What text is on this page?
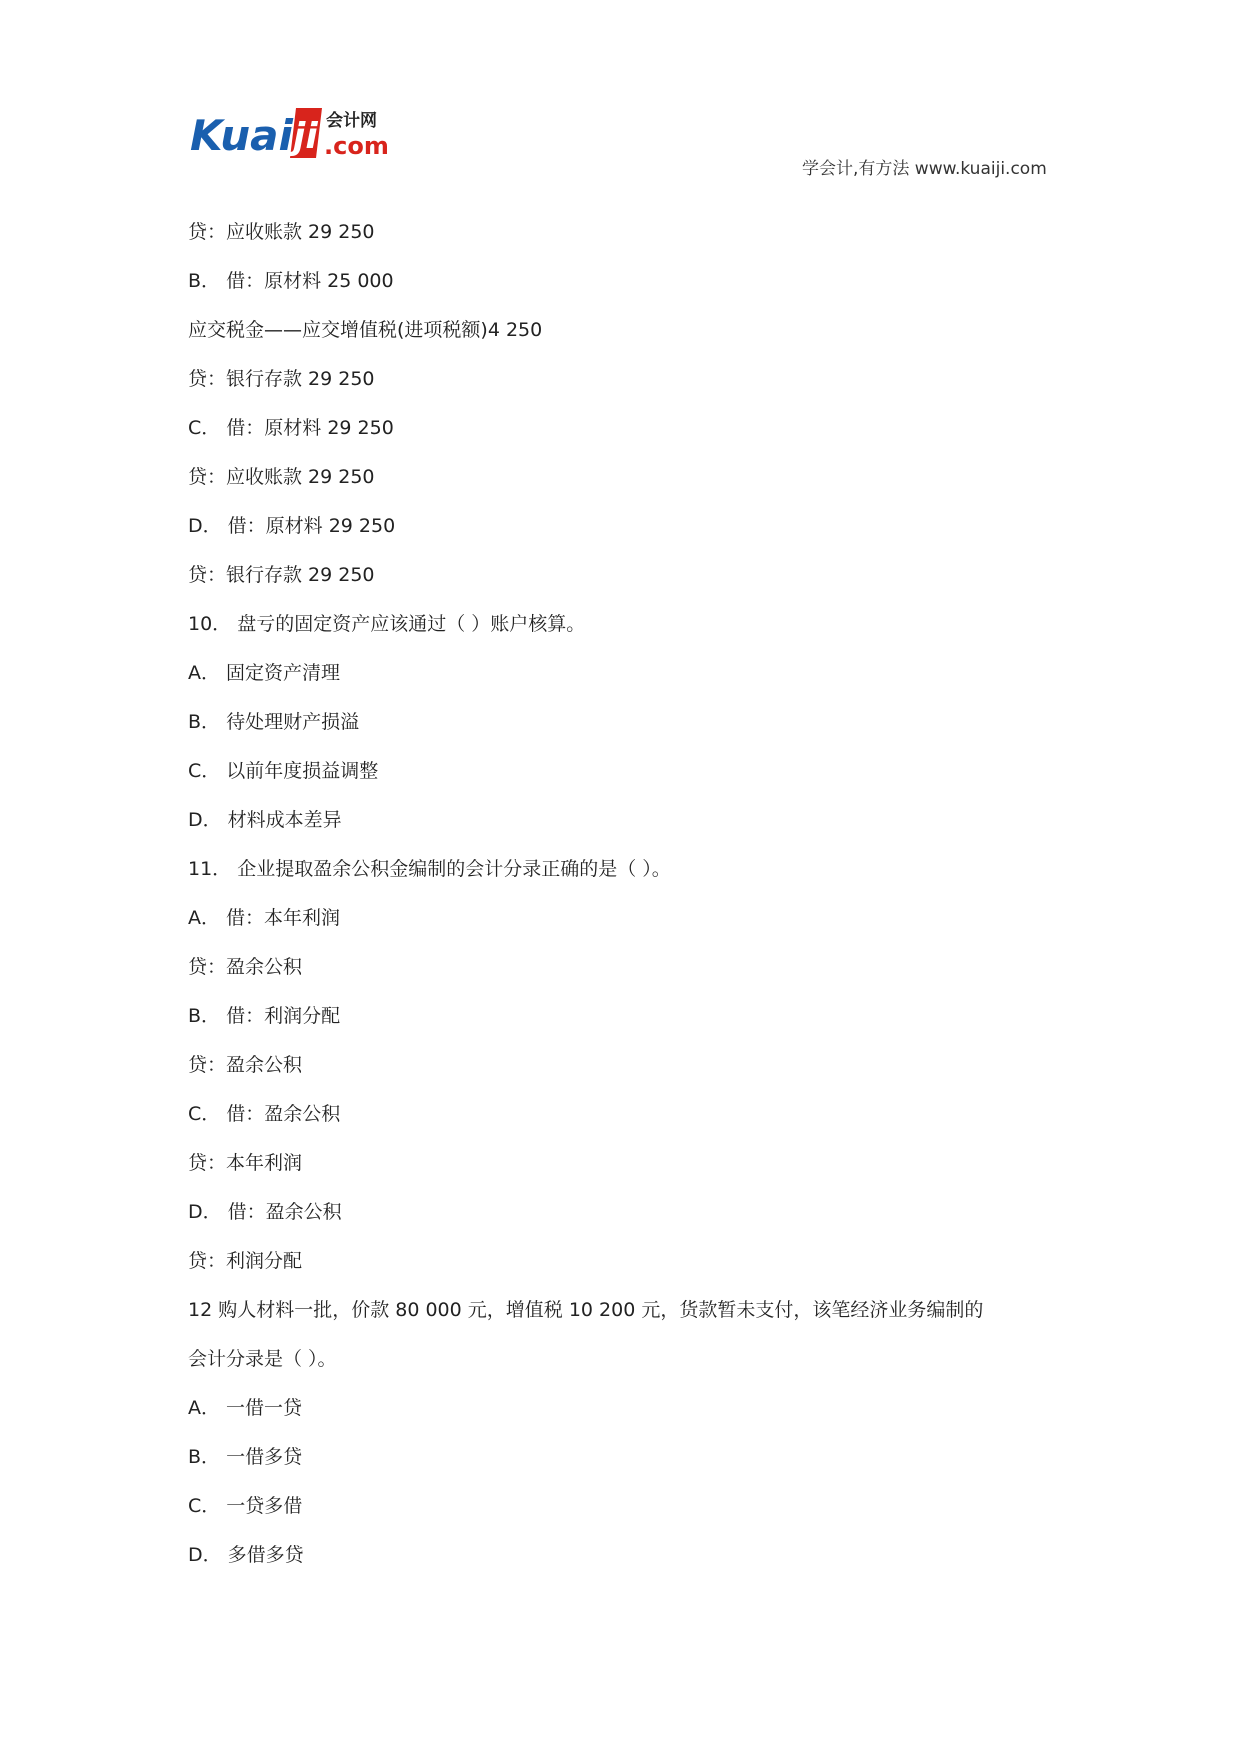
Kuai ji 会计网
.com
学会计,有方法 www.kuaiji.com
贷：应收账款 29 250
B． 借：原材料 25 000
应交税金——应交增值税(进项税额)4 250
贷：银行存款 29 250
C． 借：原材料 29 250
贷：应收账款 29 250
D． 借：原材料 29 250
贷：银行存款 29 250
10． 盘亏的固定资产应该通过（ ）账户核算。
A． 固定资产清理
B． 待处理财产损溢
C． 以前年度损益调整
D． 材料成本差异
11． 企业提取盈余公积金编制的会计分录正确的是（ ）。
A． 借：本年利润
贷：盈余公积
B． 借：利润分配
贷：盈余公积
C． 借：盈余公积
贷：本年利润
D． 借：盈余公积
贷：利润分配
12 购人材料一批，价款 80 000 元，增值税 10 200 元，货款暂未支付，该笔经济业务编制的
会计分录是（ ）。
A． 一借一贷
B． 一借多贷
C． 一贷多借
D． 多借多贷
